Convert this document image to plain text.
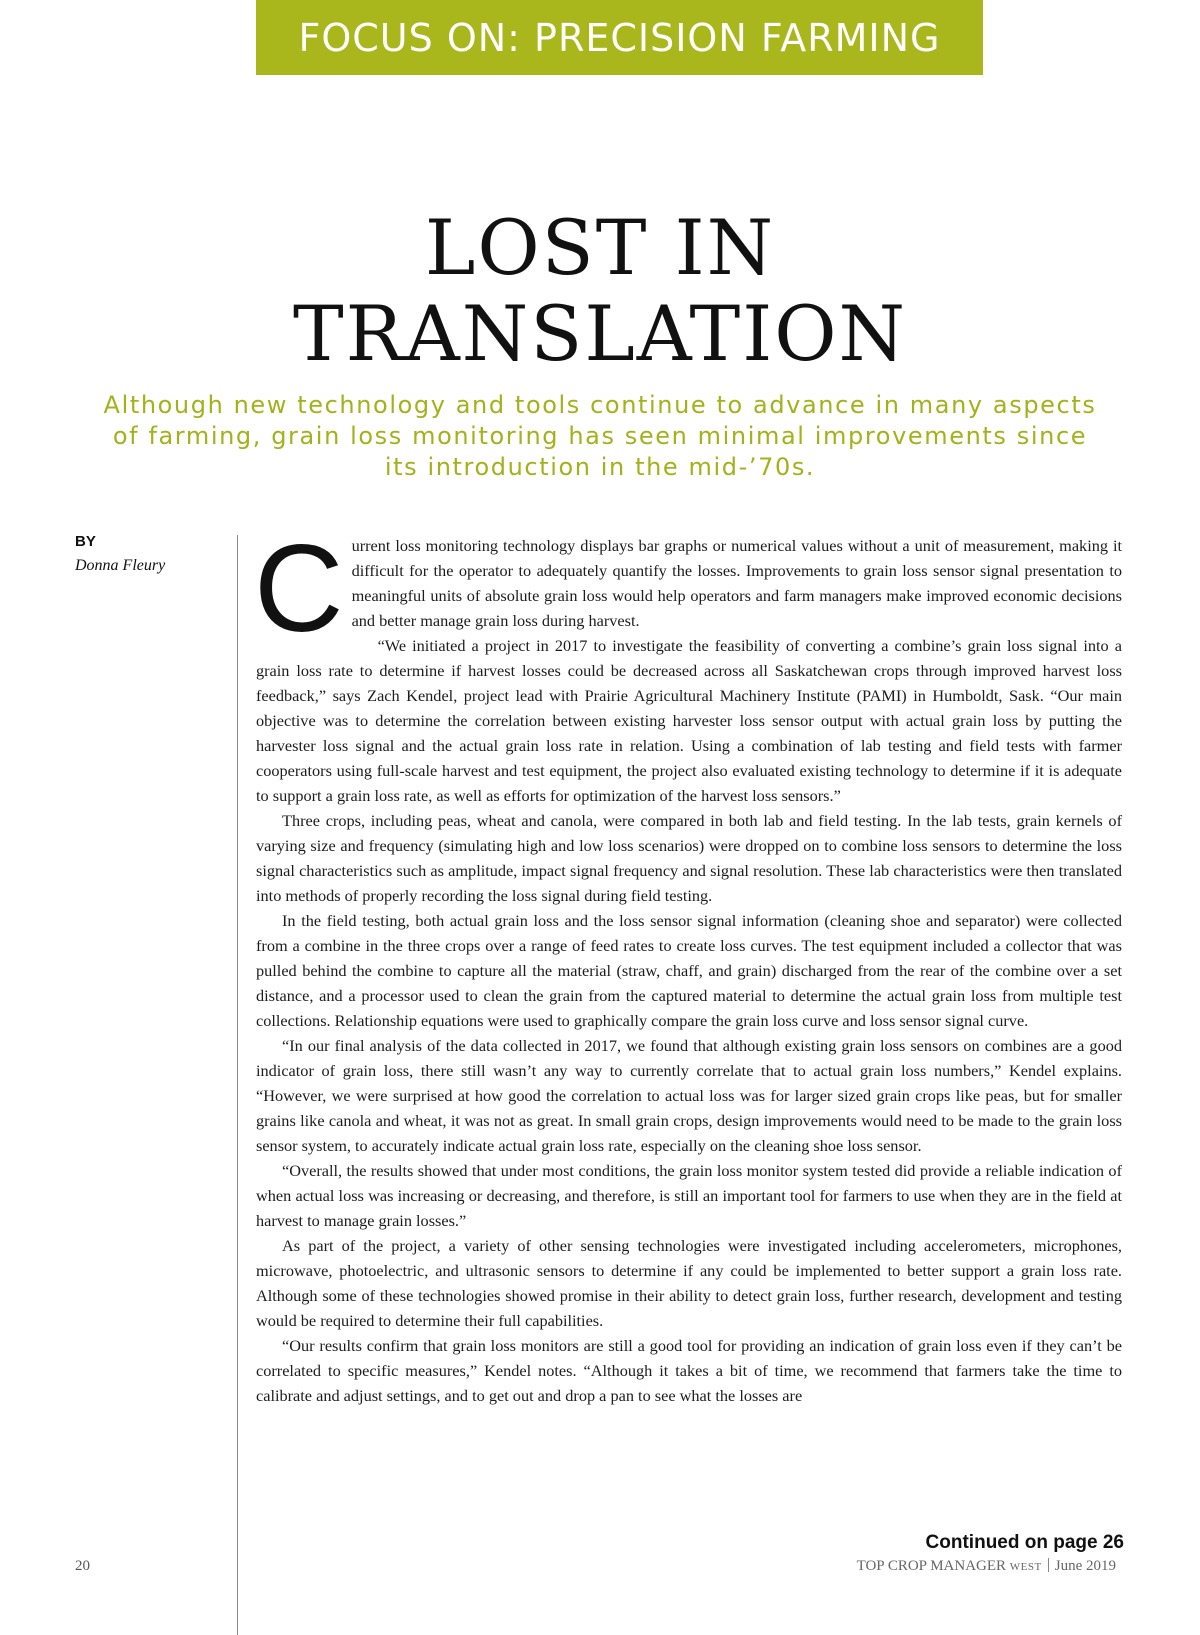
FOCUS ON: PRECISION FARMING
LOST IN
TRANSLATION

Although new technology and tools continue to advance in many aspects of farming, grain loss monitoring has seen minimal improvements since its introduction in the mid-’70s.

BY
Donna Fleury Current loss monitoring technology displays bar graphs or numerical values without a unit of measurement, making it difficult for the operator to adequately quantify the losses. Improvements to grain loss sensor signal presentation to meaningful units of absolute grain loss would help operators and farm managers make improved economic decisions and better manage grain loss during harvest.

“We initiated a project in 2017 to investigate the feasibility of converting a combine’s grain loss signal into a grain loss rate to determine if harvest losses could be decreased across all Saskatchewan crops through improved harvest loss feedback,” says Zach Kendel, project lead with Prairie Agricultural Machinery Institute (PAMI) in Humboldt, Sask. “Our main objective was to determine the correlation between existing harvester loss sensor output with actual grain loss by putting the harvester loss signal and the actual grain loss rate in relation. Using a combination of lab testing and field tests with farmer cooperators using full-scale harvest and test equipment, the project also evaluated existing technology to determine if it is adequate to support a grain loss rate, as well as efforts for optimization of the harvest loss sensors.”

Three crops, including peas, wheat and canola, were compared in both lab and field testing. In the lab tests, grain kernels of varying size and frequency (simulating high and low loss scenarios) were dropped on to combine loss sensors to determine the loss signal characteristics such as amplitude, impact signal frequency and signal resolution. These lab characteristics were then translated into methods of properly recording the loss signal during field testing.

In the field testing, both actual grain loss and the loss sensor signal information (cleaning shoe and separator) were collected from a combine in the three crops over a range of feed rates to create loss curves. The test equipment included a collector that was pulled behind the combine to capture all the material (straw, chaff, and grain) discharged from the rear of the combine over a set distance, and a processor used to clean the grain from the captured material to determine the actual grain loss from multiple test collections. Relationship equations were used to graphically compare the grain loss curve and loss sensor signal curve.

“In our final analysis of the data collected in 2017, we found that although existing grain loss sensors on combines are a good indicator of grain loss, there still wasn’t any way to currently correlate that to actual grain loss numbers,” Kendel explains. “However, we were surprised at how good the correlation to actual loss was for larger sized grain crops like peas, but for smaller grains like canola and wheat, it was not as great. In small grain crops, design improvements would need to be made to the grain loss sensor system, to accurately indicate actual grain loss rate, especially on the cleaning shoe loss sensor.

“Overall, the results showed that under most conditions, the grain loss monitor system tested did provide a reliable indication of when actual loss was increasing or decreasing, and therefore, is still an important tool for farmers to use when they are in the field at harvest to manage grain losses.”

As part of the project, a variety of other sensing technologies were investigated including accelerometers, microphones, microwave, photoelectric, and ultrasonic sensors to determine if any could be implemented to better support a grain loss rate. Although some of these technologies showed promise in their ability to detect grain loss, further research, development and testing would be required to determine their full capabilities.

“Our results confirm that grain loss monitors are still a good tool for providing an indication of grain loss even if they can’t be correlated to specific measures,” Kendel notes. “Although it takes a bit of time, we recommend that farmers take the time to calibrate and adjust settings, and to get out and drop a pan to see what the losses are

Continued on page 26
20	TOP CROP MANAGER WEST June 2019
